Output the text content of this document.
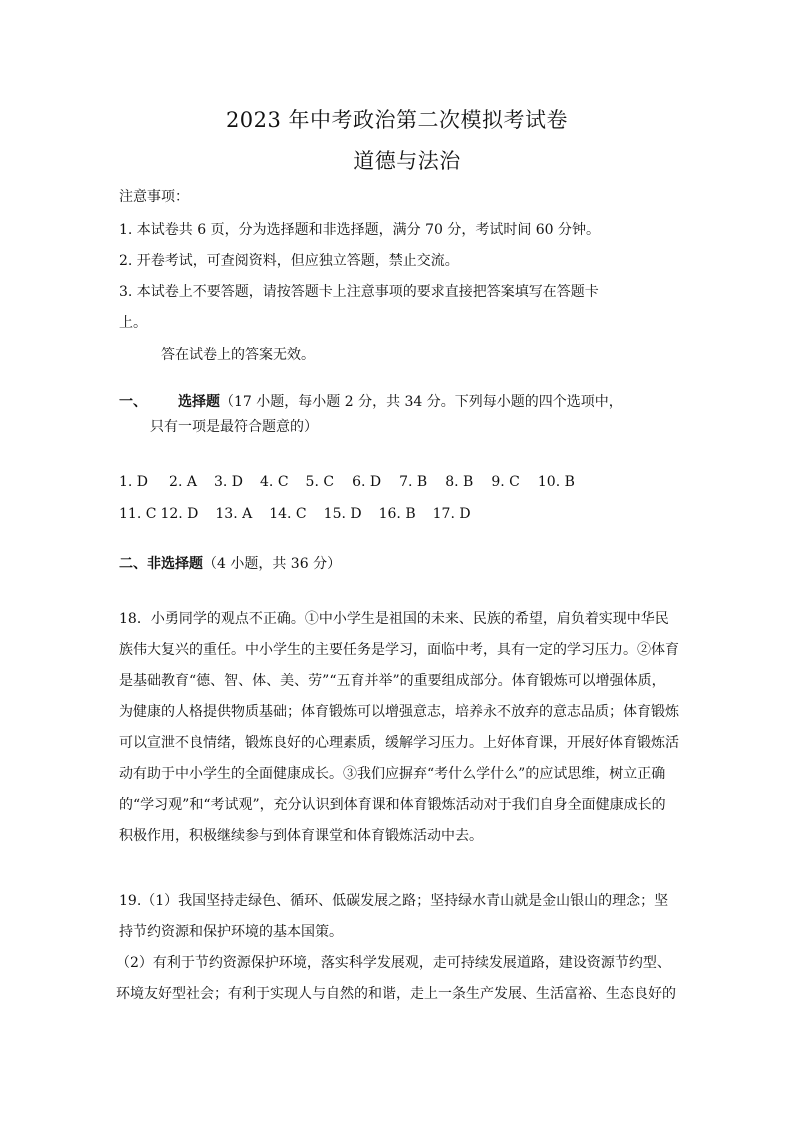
2023 年中考政治第二次模拟考试卷
道德与法治
注意事项：
1. 本试卷共 6 页，分为选择题和非选择题，满分 70 分，考试时间 60 分钟。
2. 开卷考试，可查阅资料，但应独立答题，禁止交流。
3. 本试卷上不要答题，请按答题卡上注意事项的要求直接把答案填写在答题卡
上。
答在试卷上的答案无效。
一、 选择题（17 小题，每小题 2 分，共 34 分。下列每小题的四个选项中，
只有一项是最符合题意的）
1. D 2. A 3. D 4. C 5. C 6. D 7. B 8. B 9. C 10. B
11. C 12. D 13. A 14. C 15. D 16. B 17. D
二、非选择题（4 小题，共 36 分）
18．小勇同学的观点不正确。①中小学生是祖国的未来、民族的希望，肩负着实现中华民族伟大复兴的重任。中小学生的主要任务是学习，面临中考，具有一定的学习压力。②体育是基础教育“德、智、体、美、劳”“五育并举”的重要组成部分。体育锻炼可以增强体质，为健康的人格提供物质基础；体育锻炼可以增强意志，培养永不放弃的意志品质；体育锻炼可以宣泄不良情绪，锻炼良好的心理素质，缓解学习压力。上好体育课，开展好体育锻炼活动有助于中小学生的全面健康成长。③我们应摒弃“考什么学什么”的应试思维，树立正确的“学习观”和“考试观”，充分认识到体育课和体育锻炼活动对于我们自身全面健康成长的积极作用，积极继续参与到体育课堂和体育锻炼活动中去。
19.（1）我国坚持走绿色、循环、低碳发展之路；坚持绿水青山就是金山银山的理念；坚持节约资源和保护环境的基本国策。
（2）有利于节约资源保护环境，落实科学发展观，走可持续发展道路，建设资源节约型、环境友好型社会；有利于实现人与自然的和谐，走上一条生产发展、生活富裕、生态良好的
